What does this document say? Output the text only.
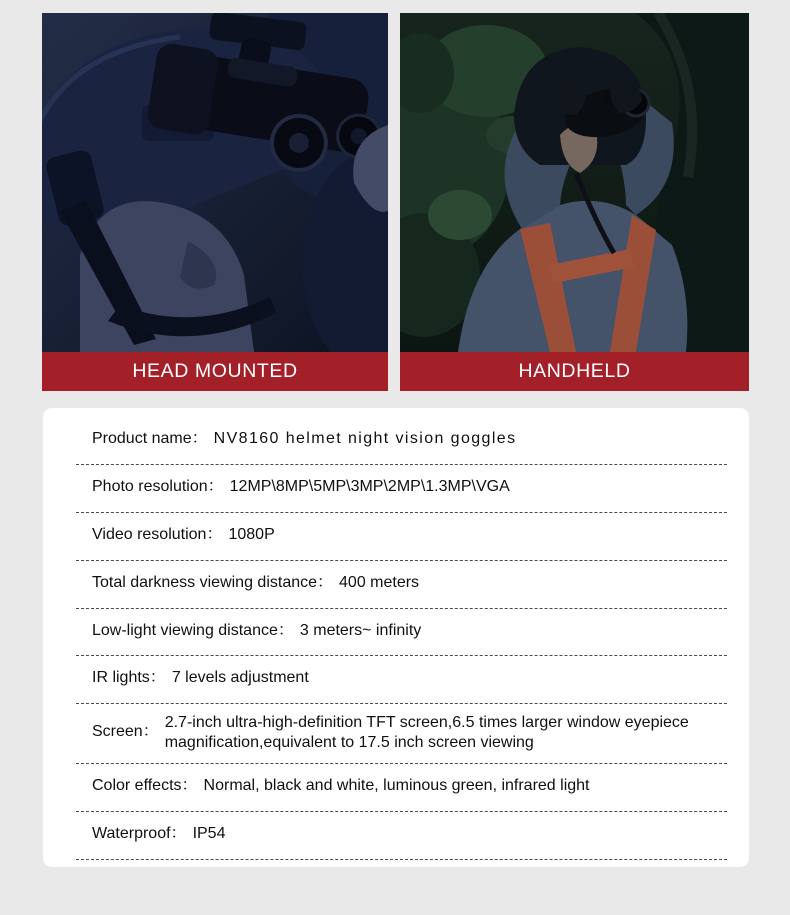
HEAD MOUNTED	HANDHELD
Product name： NV8160 helmet night vision goggles
Photo resolution： 12MP\8MP\5MP\3MP\2MP\1.3MP\VGA
Video resolution： 1080P
Total darkness viewing distance： 400 meters
Low-light viewing distance： 3 meters~ infinity
IR lights： 7 levels adjustment
Screen：
2.7-inch ultra-high-definition TFT screen,6.5 times larger window eyepiece magnification,equivalent to 17.5 inch screen viewing
Color effects： Normal, black and white, luminous green, infrared light
Waterproof： IP54
